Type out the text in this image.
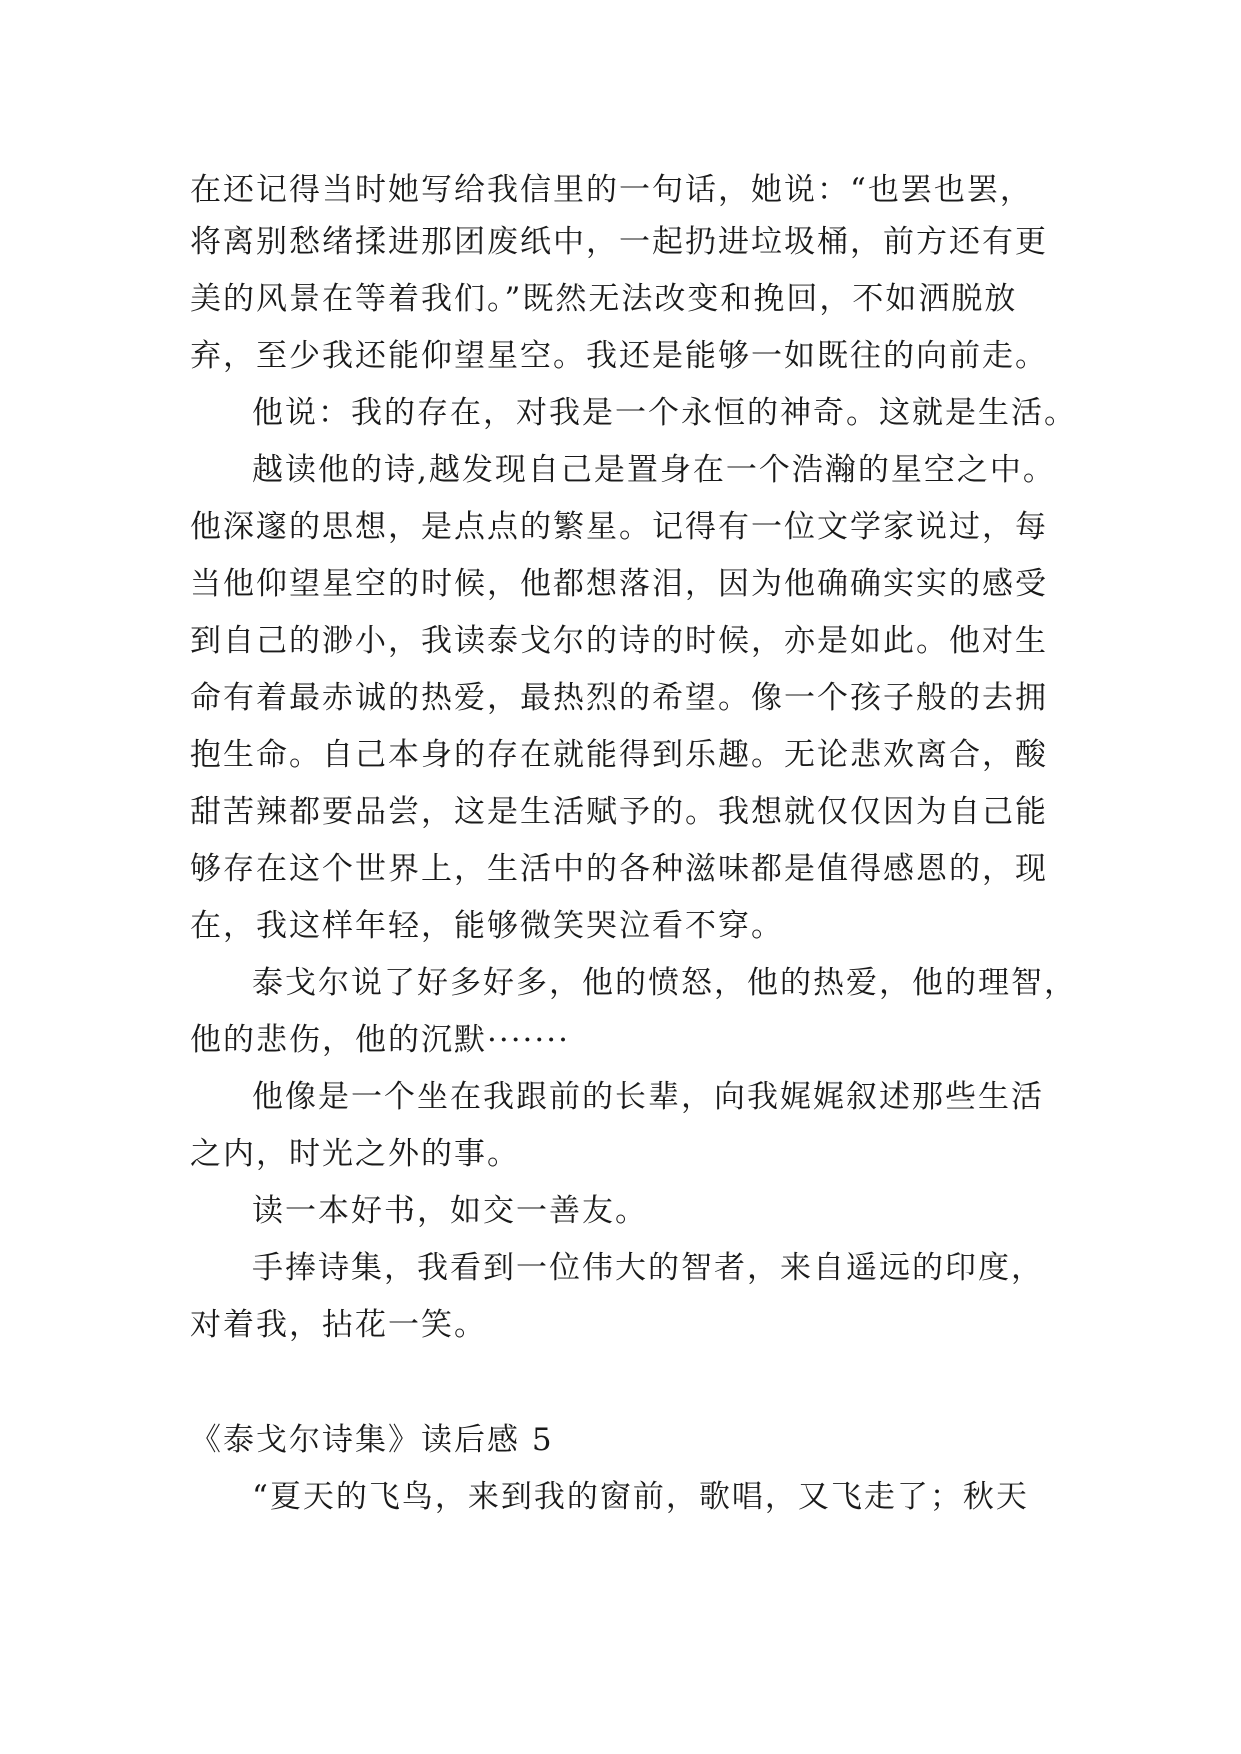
在还记得当时她写给我信里的一句话，她说：“也罢也罢，
将离别愁绪揉进那团废纸中，一起扔进垃圾桶，前方还有更
美的风景在等着我们。”既然无法改变和挽回，不如洒脱放
弃，至少我还能仰望星空。我还是能够一如既往的向前走。
他说：我的存在，对我是一个永恒的神奇。这就是生活。
越读他的诗,越发现自己是置身在一个浩瀚的星空之中。
他深邃的思想，是点点的繁星。记得有一位文学家说过，每
当他仰望星空的时候，他都想落泪，因为他确确实实的感受
到自己的渺小，我读泰戈尔的诗的时候，亦是如此。他对生
命有着最赤诚的热爱，最热烈的希望。像一个孩子般的去拥
抱生命。自己本身的存在就能得到乐趣。无论悲欢离合，酸
甜苦辣都要品尝，这是生活赋予的。我想就仅仅因为自己能
够存在这个世界上，生活中的各种滋味都是值得感恩的，现
在，我这样年轻，能够微笑哭泣看不穿。
泰戈尔说了好多好多，他的愤怒，他的热爱，他的理智，
他的悲伤，他的沉默·······
他像是一个坐在我跟前的长辈，向我娓娓叙述那些生活
之内，时光之外的事。
读一本好书，如交一善友。
手捧诗集，我看到一位伟大的智者，来自遥远的印度，
对着我，拈花一笑。
《泰戈尔诗集》读后感 5
“夏天的飞鸟，来到我的窗前，歌唱，又飞走了；秋天
